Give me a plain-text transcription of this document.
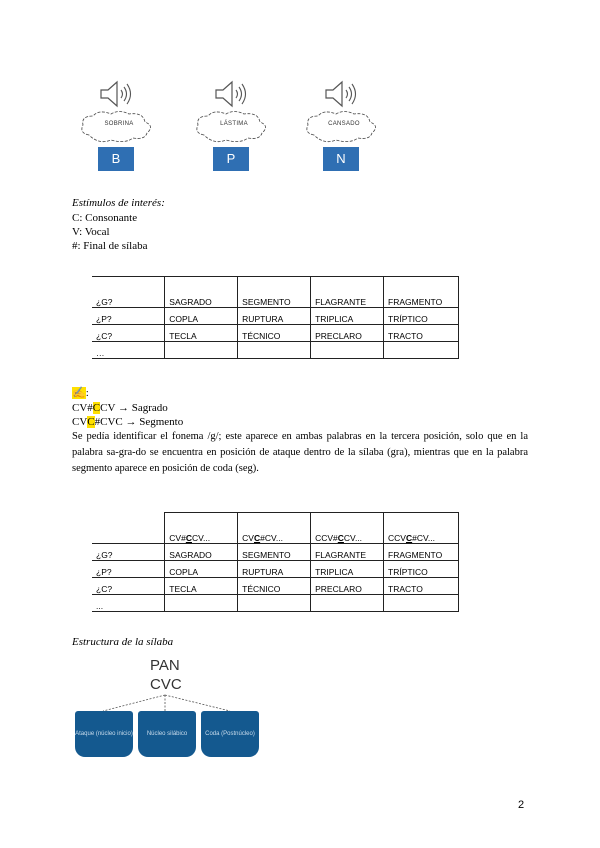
SOBRINA	LÁSTIMA	CANSADO
B	P	N
Estímulos de interés:
C: Consonante
V: Vocal
#: Final de sílaba
¿G?	SAGRADO	SEGMENTO	FLAGRANTE	FRAGMENTO
¿P?	COPLA	RUPTURA	TRIPLICA	TRÍPTICO
¿C?	TECLA	TÉCNICO	PRECLARO	TRACTO
…				
✍:
CV#CCV → Sagrado
CVC#CVC → Segmento
Se pedía identificar el fonema /g/; este aparece en ambas palabras en la tercera posición, solo que en la palabra sa-gra-do se encuentra en posición de ataque dentro de la sílaba (gra), mientras que en la palabra segmento aparece en posición de coda (seg).
	CV#CCV...	CVC#CV...	CCV#CCV...	CCVC#CV...
¿G?	SAGRADO	SEGMENTO	FLAGRANTE	FRAGMENTO
¿P?	COPLA	RUPTURA	TRIPLICA	TRÍPTICO
¿C?	TECLA	TÉCNICO	PRECLARO	TRACTO
...				
Estructura de la sílaba
PAN
CVC
Ataque (núcleo inicio)	Núcleo silábico	Coda (Postnúcleo)
2
